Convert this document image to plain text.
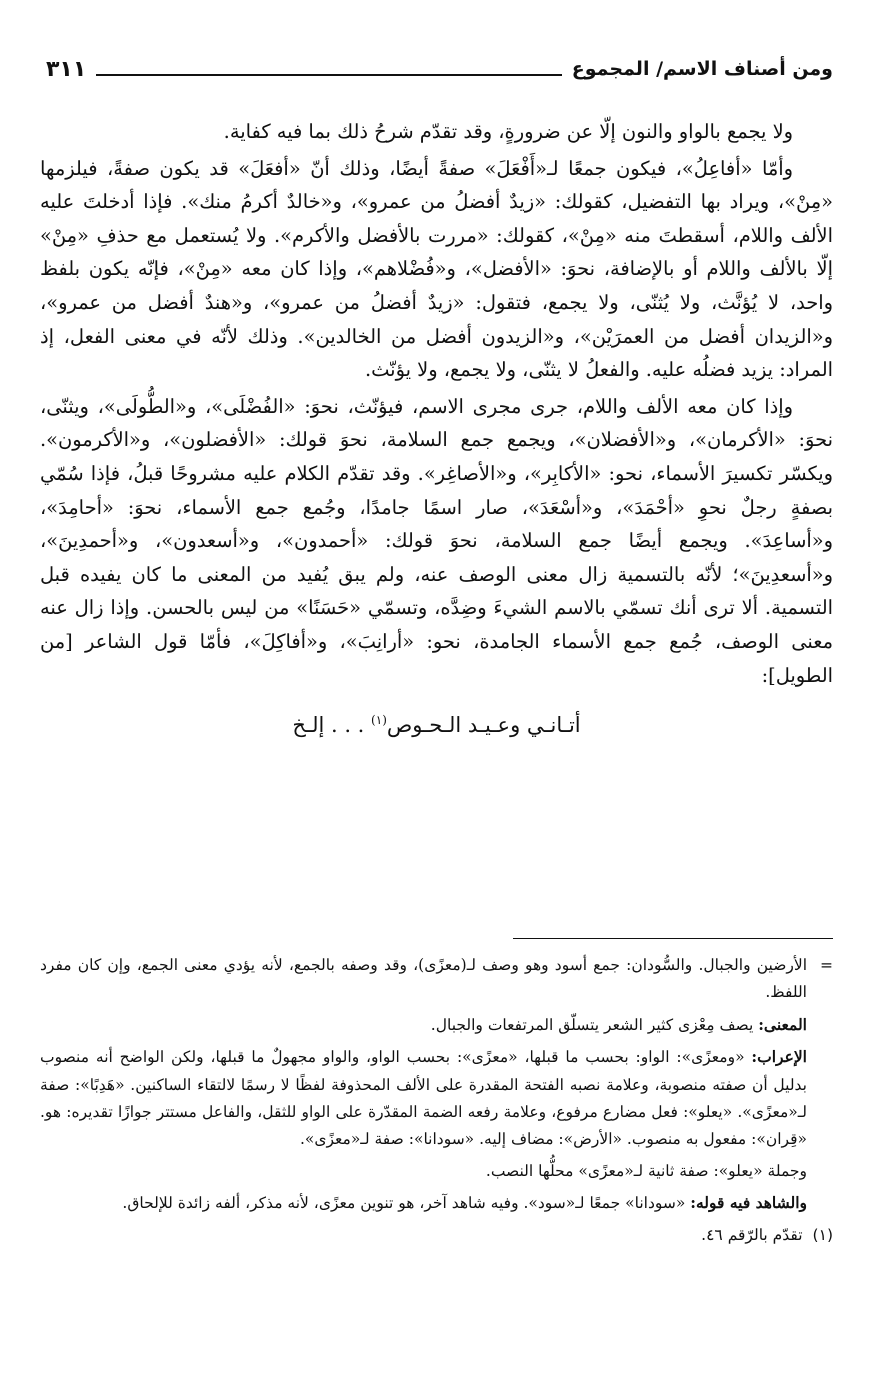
ومن أصناف الاسم/ المجموع
٣١١

ولا يجمع بالواو والنون إلّا عن ضرورةٍ، وقد تقدّم شرحُ ذلك بما فيه كفاية.

وأمّا «أفاعِلُ»، فيكون جمعًا لـ«أَفْعَلَ» صفةً أيضًا، وذلك أنّ «أفعَلَ» قد يكون صفةً، فيلزمها «مِنْ»، ويراد بها التفضيل، كقولك: «زيدٌ أفضلُ من عمرو»، و«خالدٌ أكرمُ منك». فإذا أدخلتَ عليه الألف واللام، أسقطتَ منه «مِنْ»، كقولك: «مررت بالأفضل والأكرم». ولا يُستعمل مع حذفِ «مِنْ» إلّا بالألف واللام أو بالإضافة، نحوَ: «الأفضل»، و«فُضْلاهم»، وإذا كان معه «مِنْ»، فإنّه يكون بلفظ واحد، لا يُؤنَّث، ولا يُثنّى، ولا يجمع، فتقول: «زيدٌ أفضلُ من عمرو»، و«هندٌ أفضل من عمرو»، و«الزيدان أفضل من العمرَيْن»، و«الزيدون أفضل من الخالدين». وذلك لأنّه في معنى الفعل، إذ المراد: يزيد فضلُه عليه. والفعلُ لا يثنّى، ولا يجمع، ولا يؤنّث.

وإذا كان معه الألف واللام، جرى مجرى الاسم، فيؤنّث، نحوَ: «الفُضْلَى»، و«الطُّولَى»، ويثنّى، نحوَ: «الأكرمان»، و«الأفضلان»، ويجمع جمع السلامة، نحوَ قولك: «الأفضلون»، و«الأكرمون». ويكسّر تكسيرَ الأسماء، نحو: «الأكابِر»، و«الأصاغِر». وقد تقدّم الكلام عليه مشروحًا قبلُ، فإذا سُمّي بصفةٍ رجلٌ نحوِ «أحْمَدَ»، و«أسْعَدَ»، صار اسمًا جامدًا، وجُمع جمع الأسماء، نحوَ: «أحامِدَ»، و«أساعِدَ». ويجمع أيضًا جمع السلامة، نحوَ قولك: «أحمدون»، و«أسعدون»، و«أحمدِينَ»، و«أسعدِينَ»؛ لأنّه بالتسمية زال معنى الوصف عنه، ولم يبق يُفيد من المعنى ما كان يفيده قبل التسمية. ألا ترى أنك تسمّي بالاسم الشيءَ وضِدَّه، وتسمّي «حَسَنًا» من ليس بالحسن. وإذا زال عنه معنى الوصف، جُمع جمع الأسماء الجامدة، نحو: «أرانِبَ»، و«أفاكِلَ»، فأمّا قول الشاعر [من الطويل]:

أتـانـي وعـيـد الـحـوص$^{(١)}$ . . . إلـخ
=

الأرضين والجبال. والسُّودان: جمع أسود وهو وصف لـ(معزًى)، وقد وصفه بالجمع، لأنه يؤدي معنى الجمع، وإن كان مفرد اللفظ.

المعنى: يصف مِعْزى كثير الشعر يتسلّق المرتفعات والجبال.

الإعراب: «ومعزًى»: الواو: بحسب ما قبلها، «معزًى»: بحسب الواو، والواو مجهولٌ ما قبلها، ولكن الواضح أنه منصوب بدليل أن صفته منصوبة، وعلامة نصبه الفتحة المقدرة على الألف المحذوفة لفظًا لا رسمًا لالتقاء الساكنين. «هَدِبًا»: صفة لـ«معزًى». «يعلو»: فعل مضارع مرفوع، وعلامة رفعه الضمة المقدّرة على الواو للثقل، والفاعل مستتر جوازًا تقديره: هو. «قِران»: مفعول به منصوب. «الأرض»: مضاف إليه. «سودانا»: صفة لـ«معزًى».

وجملة «يعلو»: صفة ثانية لـ«معزًى» محلُّها النصب.

والشاهد فيه قوله: «سودانا» جمعًا لـ«سود». وفيه شاهد آخر، هو تنوين معزًى، لأنه مذكر، ألفه زائدة للإلحاق.

(١)

تقدّم بالرّقم ٤٦.
